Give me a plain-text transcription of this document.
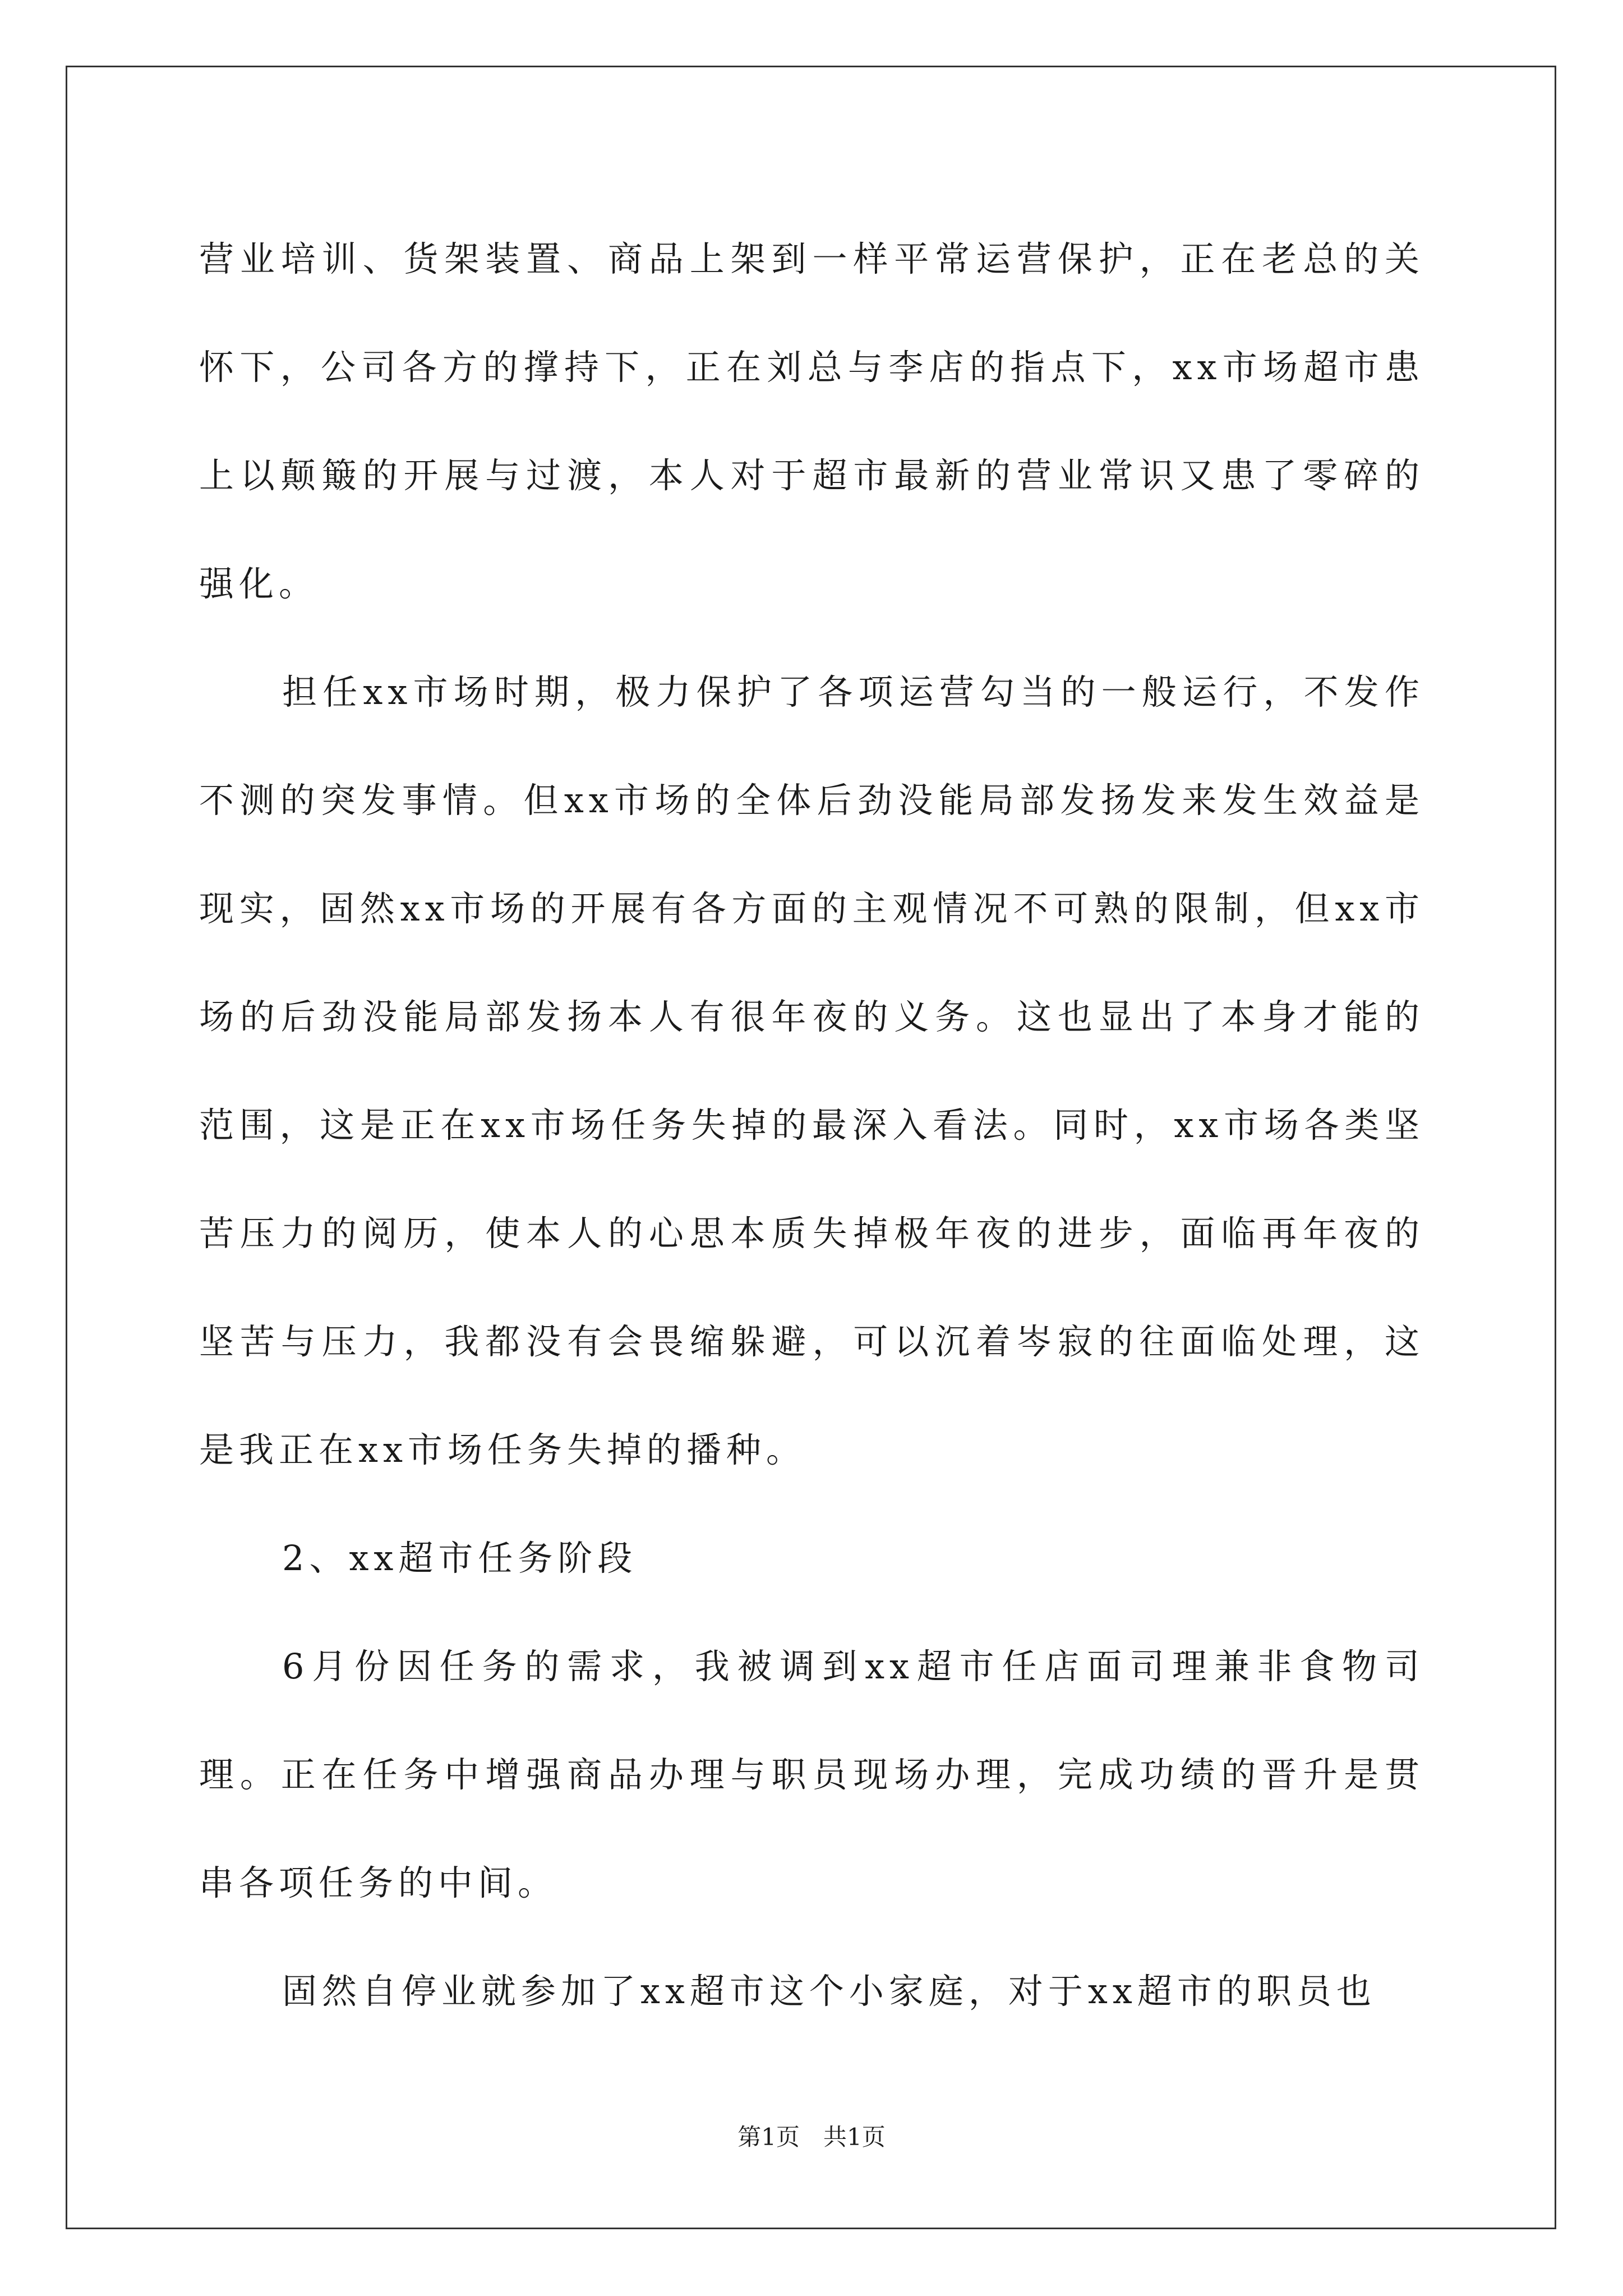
营业培训、货架装置、商品上架到一样平常运营保护，正在老总的关怀下，公司各方的撑持下，正在刘总与李店的指点下，xx市场超市患上以颠簸的开展与过渡，本人对于超市最新的营业常识又患了零碎的强化。

担任xx市场时期，极力保护了各项运营勾当的一般运行，不发作不测的突发事情。但xx市场的全体后劲没能局部发扬发来发生效益是现实，固然xx市场的开展有各方面的主观情况不可熟的限制，但xx市场的后劲没能局部发扬本人有很年夜的义务。这也显出了本身才能的范围，这是正在xx市场任务失掉的最深入看法。同时，xx市场各类坚苦压力的阅历，使本人的心思本质失掉极年夜的进步，面临再年夜的坚苦与压力，我都没有会畏缩躲避，可以沉着岑寂的往面临处理，这是我正在xx市场任务失掉的播种。

2、xx超市任务阶段

6月份因任务的需求，我被调到xx超市任店面司理兼非食物司理。正在任务中增强商品办理与职员现场办理，完成功绩的晋升是贯串各项任务的中间。

固然自停业就参加了xx超市这个小家庭，对于xx超市的职员也

第1页 共1页
